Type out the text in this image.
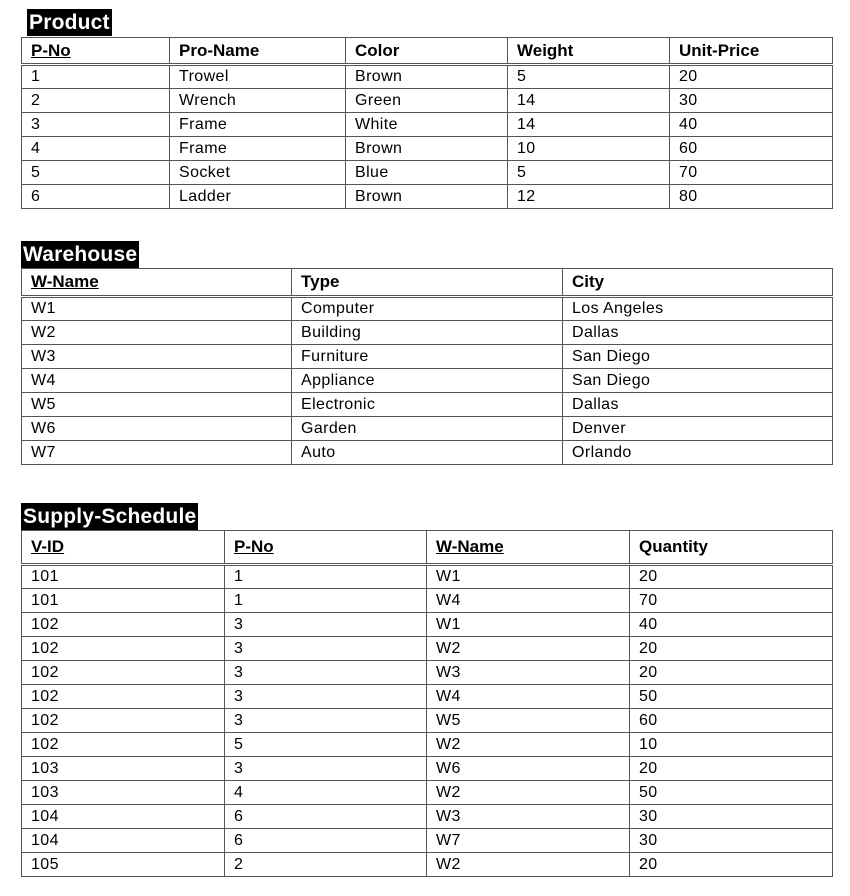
Product
P-No	Pro-Name	Color	Weight	Unit-Price
1	Trowel	Brown	5	20
2	Wrench	Green	14	30
3	Frame	White	14	40
4	Frame	Brown	10	60
5	Socket	Blue	5	70
6	Ladder	Brown	12	80
Warehouse
W-Name	Type	City
W1	Computer	Los Angeles
W2	Building	Dallas
W3	Furniture	San Diego
W4	Appliance	San Diego
W5	Electronic	Dallas
W6	Garden	Denver
W7	Auto	Orlando
Supply-Schedule
V-ID	P-No	W-Name	Quantity
101	1	W1	20
101	1	W4	70
102	3	W1	40
102	3	W2	20
102	3	W3	20
102	3	W4	50
102	3	W5	60
102	5	W2	10
103	3	W6	20
103	4	W2	50
104	6	W3	30
104	6	W7	30
105	2	W2	20
